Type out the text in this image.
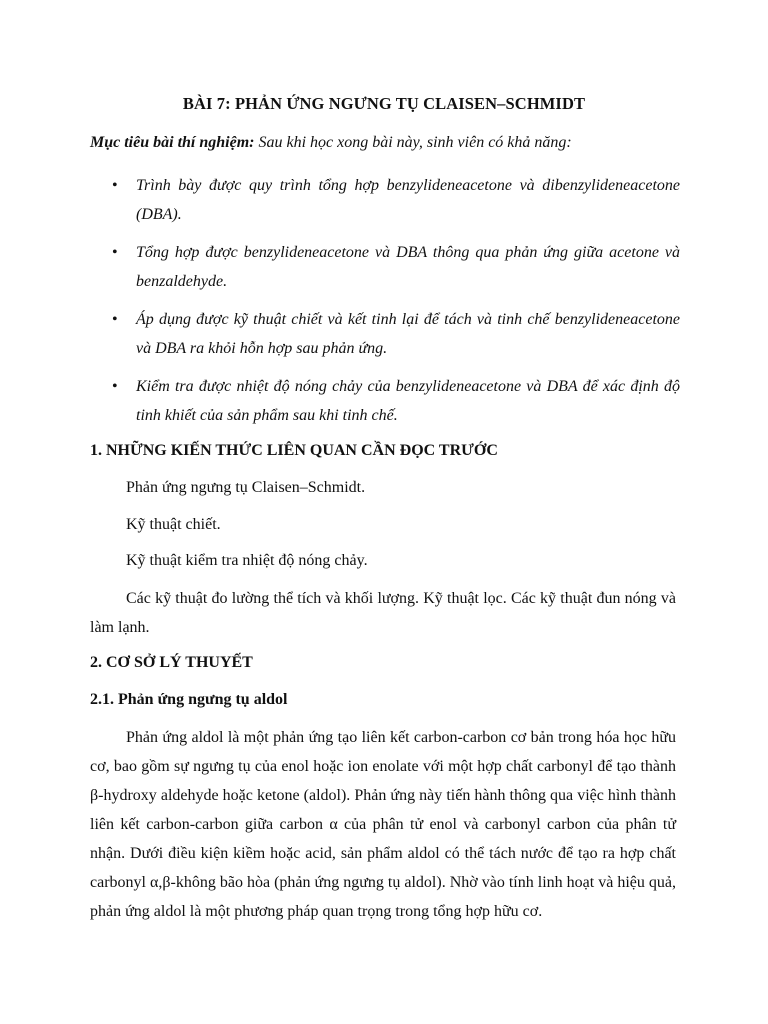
BÀI 7: PHẢN ỨNG NGƯNG TỤ CLAISEN–SCHMIDT
Mục tiêu bài thí nghiệm: Sau khi học xong bài này, sinh viên có khả năng:
• Trình bày được quy trình tổng hợp benzylideneacetone và dibenzylideneacetone (DBA).
• Tổng hợp được benzylideneacetone và DBA thông qua phản ứng giữa acetone và benzaldehyde.
• Áp dụng được kỹ thuật chiết và kết tinh lại để tách và tinh chế benzylideneacetone và DBA ra khỏi hỗn hợp sau phản ứng.
• Kiểm tra được nhiệt độ nóng chảy của benzylideneacetone và DBA để xác định độ tinh khiết của sản phẩm sau khi tinh chế.
1. NHỮNG KIẾN THỨC LIÊN QUAN CẦN ĐỌC TRƯỚC
Phản ứng ngưng tụ Claisen–Schmidt.
Kỹ thuật chiết.
Kỹ thuật kiểm tra nhiệt độ nóng chảy.
Các kỹ thuật đo lường thể tích và khối lượng. Kỹ thuật lọc. Các kỹ thuật đun nóng và làm lạnh.
2. CƠ SỞ LÝ THUYẾT
2.1. Phản ứng ngưng tụ aldol
Phản ứng aldol là một phản ứng tạo liên kết carbon-carbon cơ bản trong hóa học hữu cơ, bao gồm sự ngưng tụ của enol hoặc ion enolate với một hợp chất carbonyl để tạo thành β-hydroxy aldehyde hoặc ketone (aldol). Phản ứng này tiến hành thông qua việc hình thành liên kết carbon-carbon giữa carbon α của phân tử enol và carbonyl carbon của phân tử nhận. Dưới điều kiện kiềm hoặc acid, sản phẩm aldol có thể tách nước để tạo ra hợp chất carbonyl α,β-không bão hòa (phản ứng ngưng tụ aldol). Nhờ vào tính linh hoạt và hiệu quả, phản ứng aldol là một phương pháp quan trọng trong tổng hợp hữu cơ.
